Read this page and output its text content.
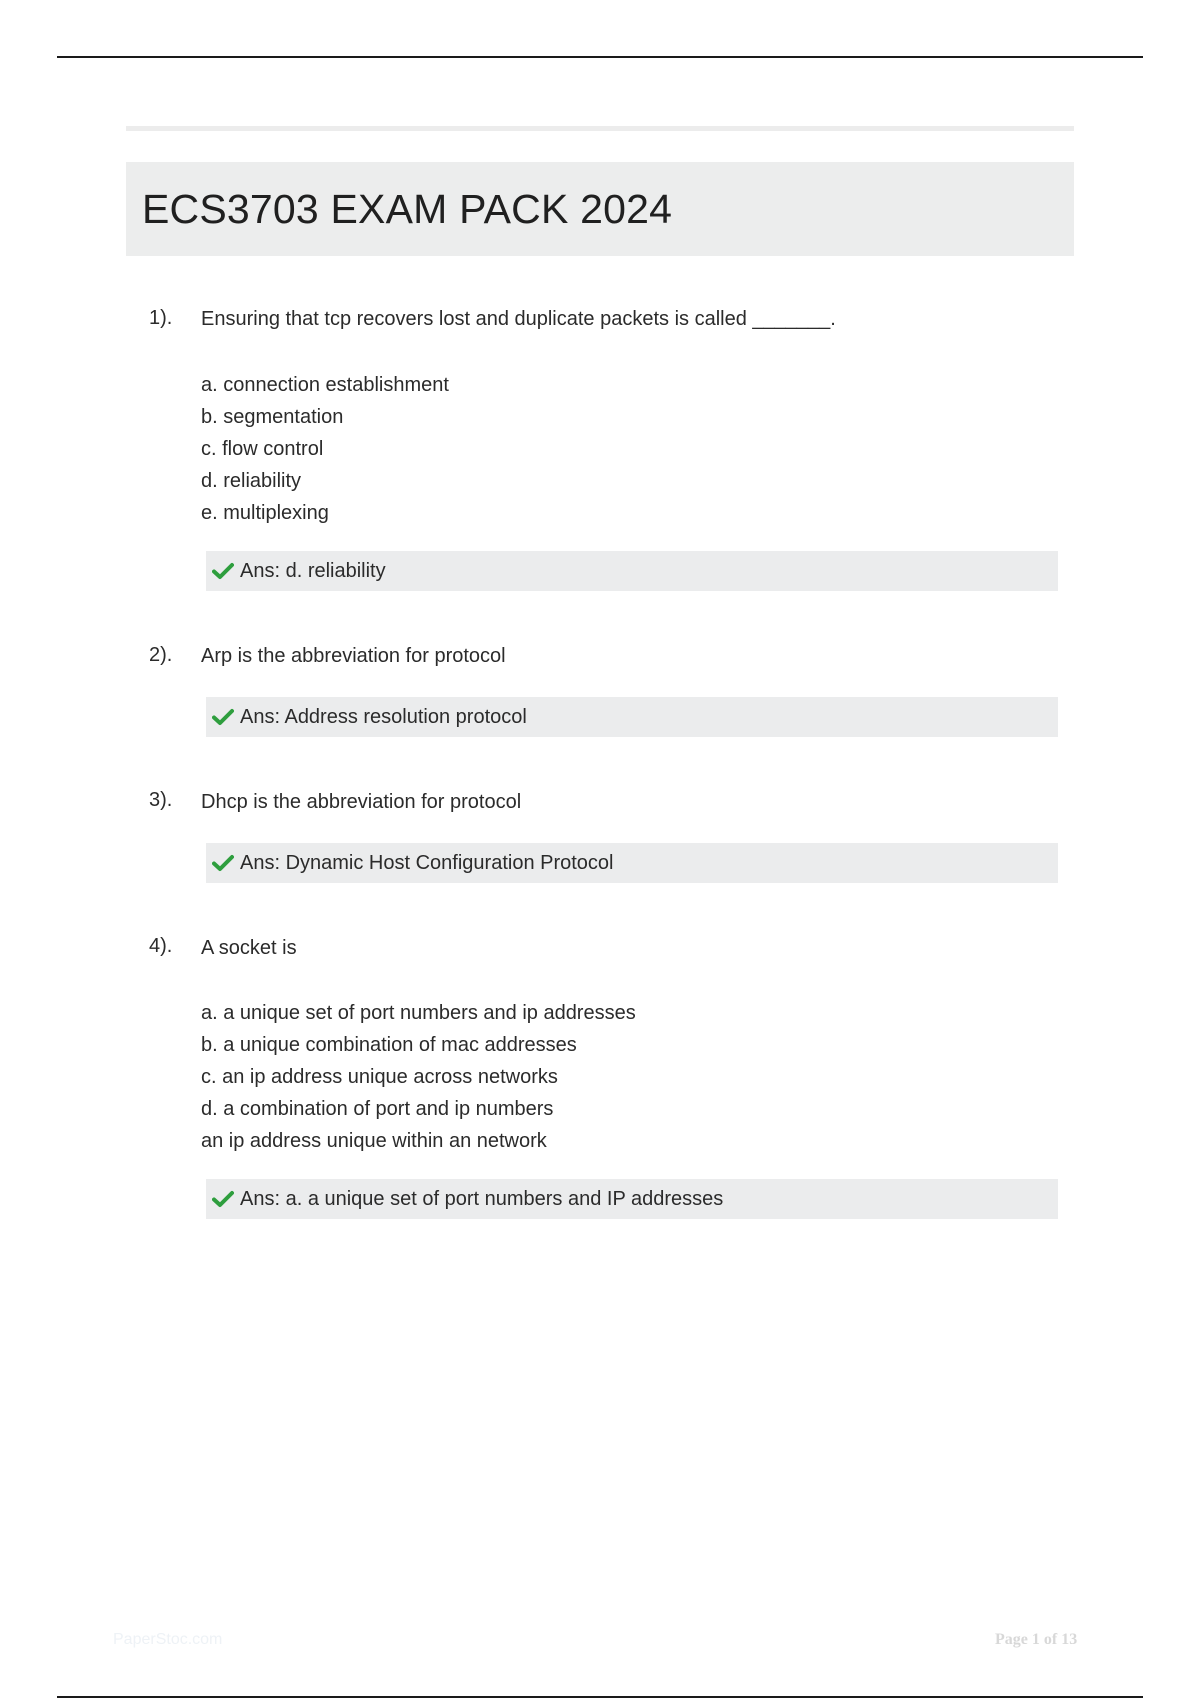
ECS3703 EXAM PACK 2024
1). Ensuring that tcp recovers lost and duplicate packets is called _______.
a. connection establishment
b. segmentation
c. flow control
d. reliability
e. multiplexing
Ans: d. reliability
2). Arp is the abbreviation for protocol
Ans: Address resolution protocol
3). Dhcp is the abbreviation for protocol
Ans: Dynamic Host Configuration Protocol
4). A socket is
a. a unique set of port numbers and ip addresses
b. a unique combination of mac addresses
c. an ip address unique across networks
d. a combination of port and ip numbers
an ip address unique within an network
Ans: a. a unique set of port numbers and IP addresses
PaperStoc.com	Page 1 of 13
